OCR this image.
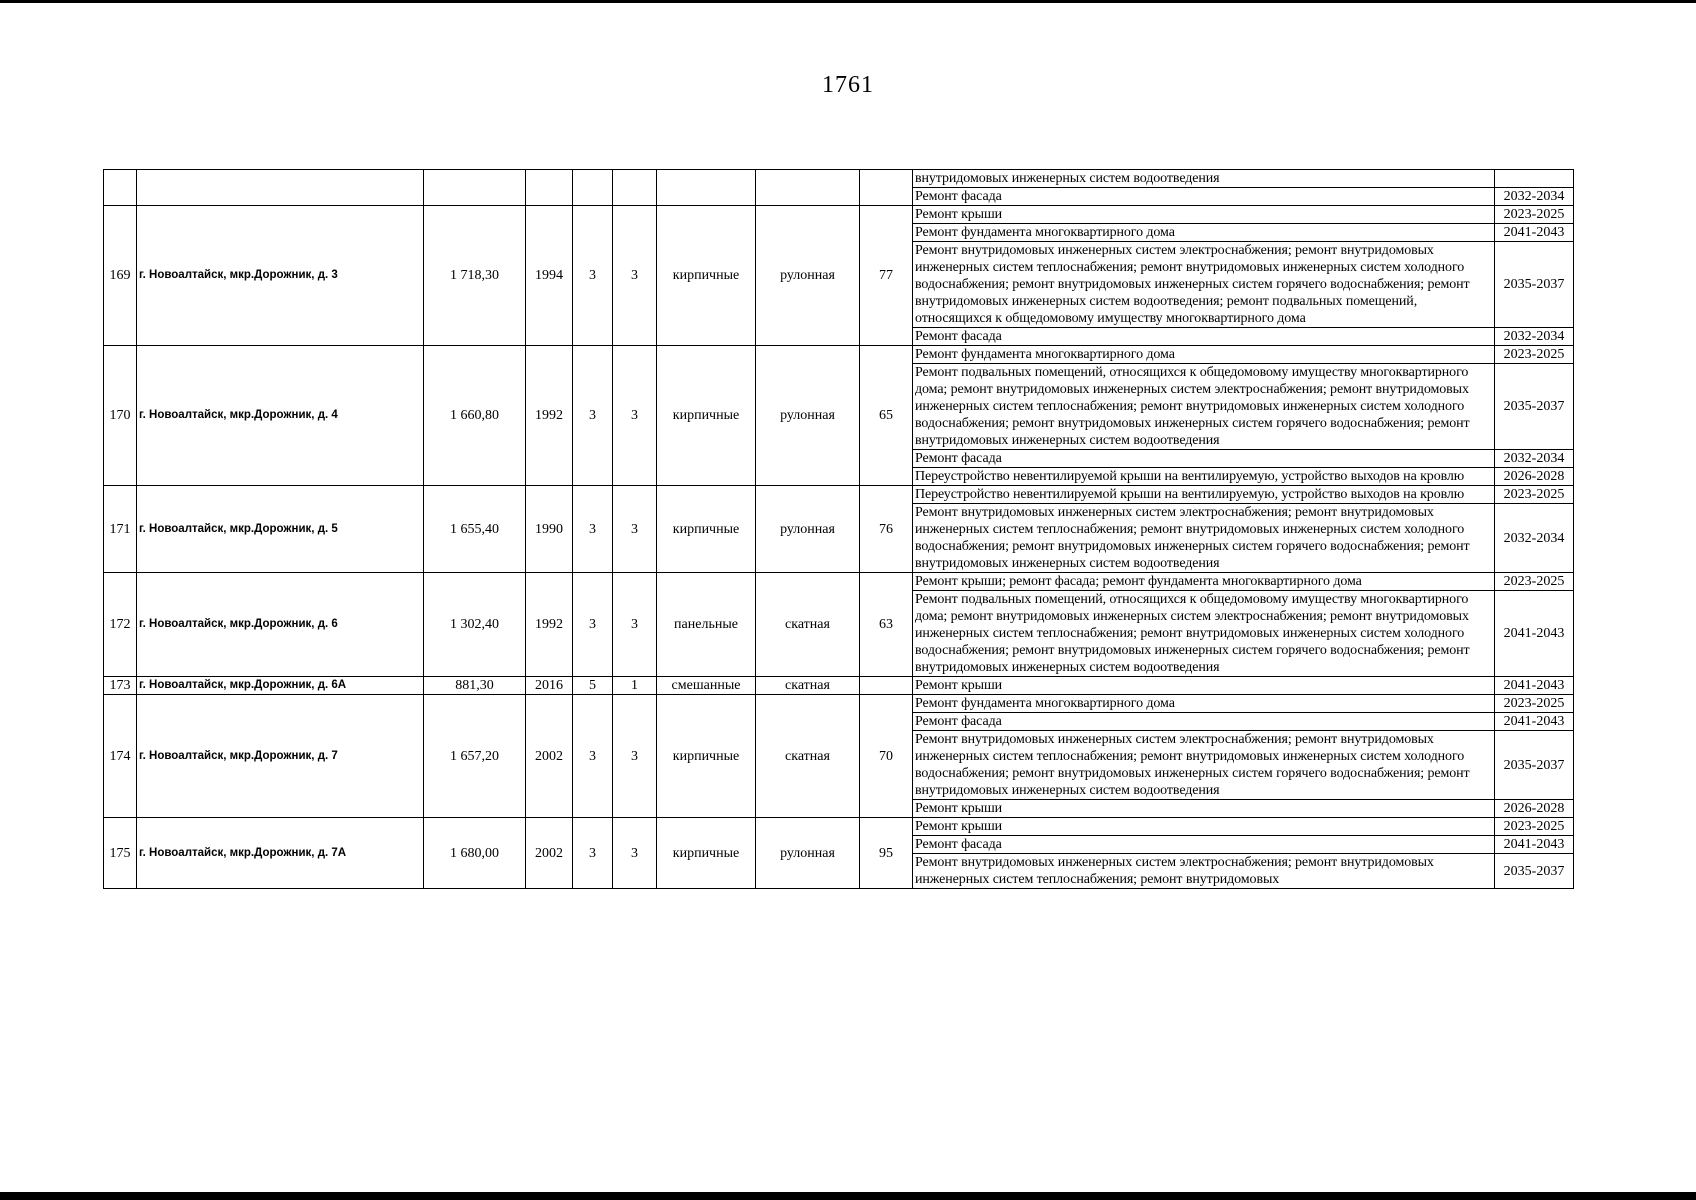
1761
									внутридомовых инженерных систем водоотведения	
									Ремонт фасада	2032-2034
169	г. Новоалтайск, мкр.Дорожник, д. 3	1 718,30	1994	3	3	кирпичные	рулонная	77	Ремонт крыши	2023-2025
									Ремонт фундамента многоквартирного дома	2041-2043
									Ремонт внутридомовых инженерных систем электроснабжения; ремонт внутридомовых инженерных систем теплоснабжения; ремонт внутридомовых инженерных систем холодного водоснабжения; ремонт внутридомовых инженерных систем горячего водоснабжения; ремонт внутридомовых инженерных систем водоотведения; ремонт подвальных помещений, относящихся к общедомовому имуществу многоквартирного дома	2035-2037
									Ремонт фасада	2032-2034
170	г. Новоалтайск, мкр.Дорожник, д. 4	1 660,80	1992	3	3	кирпичные	рулонная	65	Ремонт фундамента многоквартирного дома	2023-2025
									Ремонт подвальных помещений, относящихся к общедомовому имуществу многоквартирного дома; ремонт внутридомовых инженерных систем электроснабжения; ремонт внутридомовых инженерных систем теплоснабжения; ремонт внутридомовых инженерных систем холодного водоснабжения; ремонт внутридомовых инженерных систем горячего водоснабжения; ремонт внутридомовых инженерных систем водоотведения	2035-2037
									Ремонт фасада	2032-2034
									Переустройство невентилируемой крыши на вентилируемую, устройство выходов на кровлю	2026-2028
171	г. Новоалтайск, мкр.Дорожник, д. 5	1 655,40	1990	3	3	кирпичные	рулонная	76	Переустройство невентилируемой крыши на вентилируемую, устройство выходов на кровлю	2023-2025
									Ремонт внутридомовых инженерных систем электроснабжения; ремонт внутридомовых инженерных систем теплоснабжения; ремонт внутридомовых инженерных систем холодного водоснабжения; ремонт внутридомовых инженерных систем горячего водоснабжения; ремонт внутридомовых инженерных систем водоотведения	2032-2034
172	г. Новоалтайск, мкр.Дорожник, д. 6	1 302,40	1992	3	3	панельные	скатная	63	Ремонт крыши; ремонт фасада; ремонт фундамента многоквартирного дома	2023-2025
									Ремонт подвальных помещений, относящихся к общедомовому имуществу многоквартирного дома; ремонт внутридомовых инженерных систем электроснабжения; ремонт внутридомовых инженерных систем теплоснабжения; ремонт внутридомовых инженерных систем холодного водоснабжения; ремонт внутридомовых инженерных систем горячего водоснабжения; ремонт внутридомовых инженерных систем водоотведения	2041-2043
173	г. Новоалтайск, мкр.Дорожник, д. 6А	881,30	2016	5	1	смешанные	скатная		Ремонт крыши	2041-2043
174	г. Новоалтайск, мкр.Дорожник, д. 7	1 657,20	2002	3	3	кирпичные	скатная	70	Ремонт фундамента многоквартирного дома	2023-2025
									Ремонт фасада	2041-2043
									Ремонт внутридомовых инженерных систем электроснабжения; ремонт внутридомовых инженерных систем теплоснабжения; ремонт внутридомовых инженерных систем холодного водоснабжения; ремонт внутридомовых инженерных систем горячего водоснабжения; ремонт внутридомовых инженерных систем водоотведения	2035-2037
									Ремонт крыши	2026-2028
175	г. Новоалтайск, мкр.Дорожник, д. 7А	1 680,00	2002	3	3	кирпичные	рулонная	95	Ремонт крыши	2023-2025
									Ремонт фасада	2041-2043
									Ремонт внутридомовых инженерных систем электроснабжения; ремонт внутридомовых инженерных систем теплоснабжения; ремонт внутридомовых	2035-2037
